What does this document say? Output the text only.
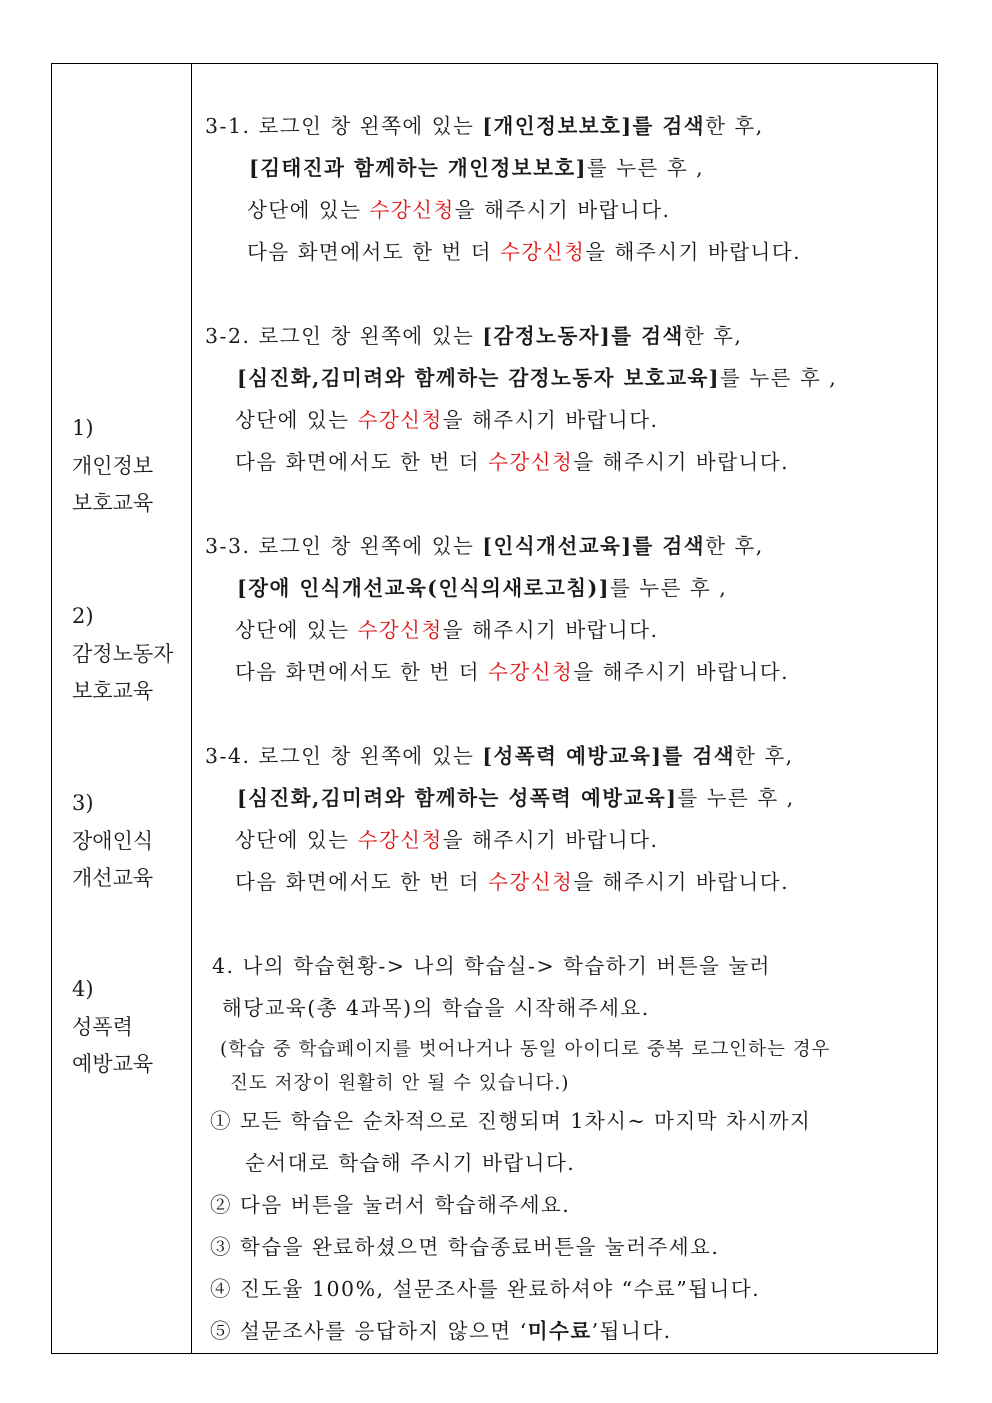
1)
개인정보
보호교육
2)
감정노동자
보호교육
3)
장애인식
개선교육
4)
성폭력
예방교육
3-1. 로그인 창 왼쪽에 있는 [개인정보보호]를 검색한 후,
[김태진과 함께하는 개인정보보호]를 누른 후 ,
상단에 있는 수강신청을 해주시기 바랍니다.
다음 화면에서도 한 번 더 수강신청을 해주시기 바랍니다.
3-2. 로그인 창 왼쪽에 있는 [감정노동자]를 검색한 후,
[심진화,김미려와 함께하는 감정노동자 보호교육]를 누른 후 ,
상단에 있는 수강신청을 해주시기 바랍니다.
다음 화면에서도 한 번 더 수강신청을 해주시기 바랍니다.
3-3. 로그인 창 왼쪽에 있는 [인식개선교육]를 검색한 후,
[장애 인식개선교육(인식의새로고침)]를 누른 후 ,
상단에 있는 수강신청을 해주시기 바랍니다.
다음 화면에서도 한 번 더 수강신청을 해주시기 바랍니다.
3-4. 로그인 창 왼쪽에 있는 [성폭력 예방교육]를 검색한 후,
[심진화,김미려와 함께하는 성폭력 예방교육]를 누른 후 ,
상단에 있는 수강신청을 해주시기 바랍니다.
다음 화면에서도 한 번 더 수강신청을 해주시기 바랍니다.
4. 나의 학습현황-> 나의 학습실-> 학습하기 버튼을 눌러
해당교육(총 4과목)의 학습을 시작해주세요.
(학습 중 학습페이지를 벗어나거나 동일 아이디로 중복 로그인하는 경우
진도 저장이 원활히 안 될 수 있습니다.)
① 모든 학습은 순차적으로 진행되며 1차시~ 마지막 차시까지
순서대로 학습해 주시기 바랍니다.
② 다음 버튼을 눌러서 학습해주세요.
③ 학습을 완료하셨으면 학습종료버튼을 눌러주세요.
④ 진도율 100%, 설문조사를 완료하셔야 “수료”됩니다.
⑤ 설문조사를 응답하지 않으면 ‘미수료’됩니다.
